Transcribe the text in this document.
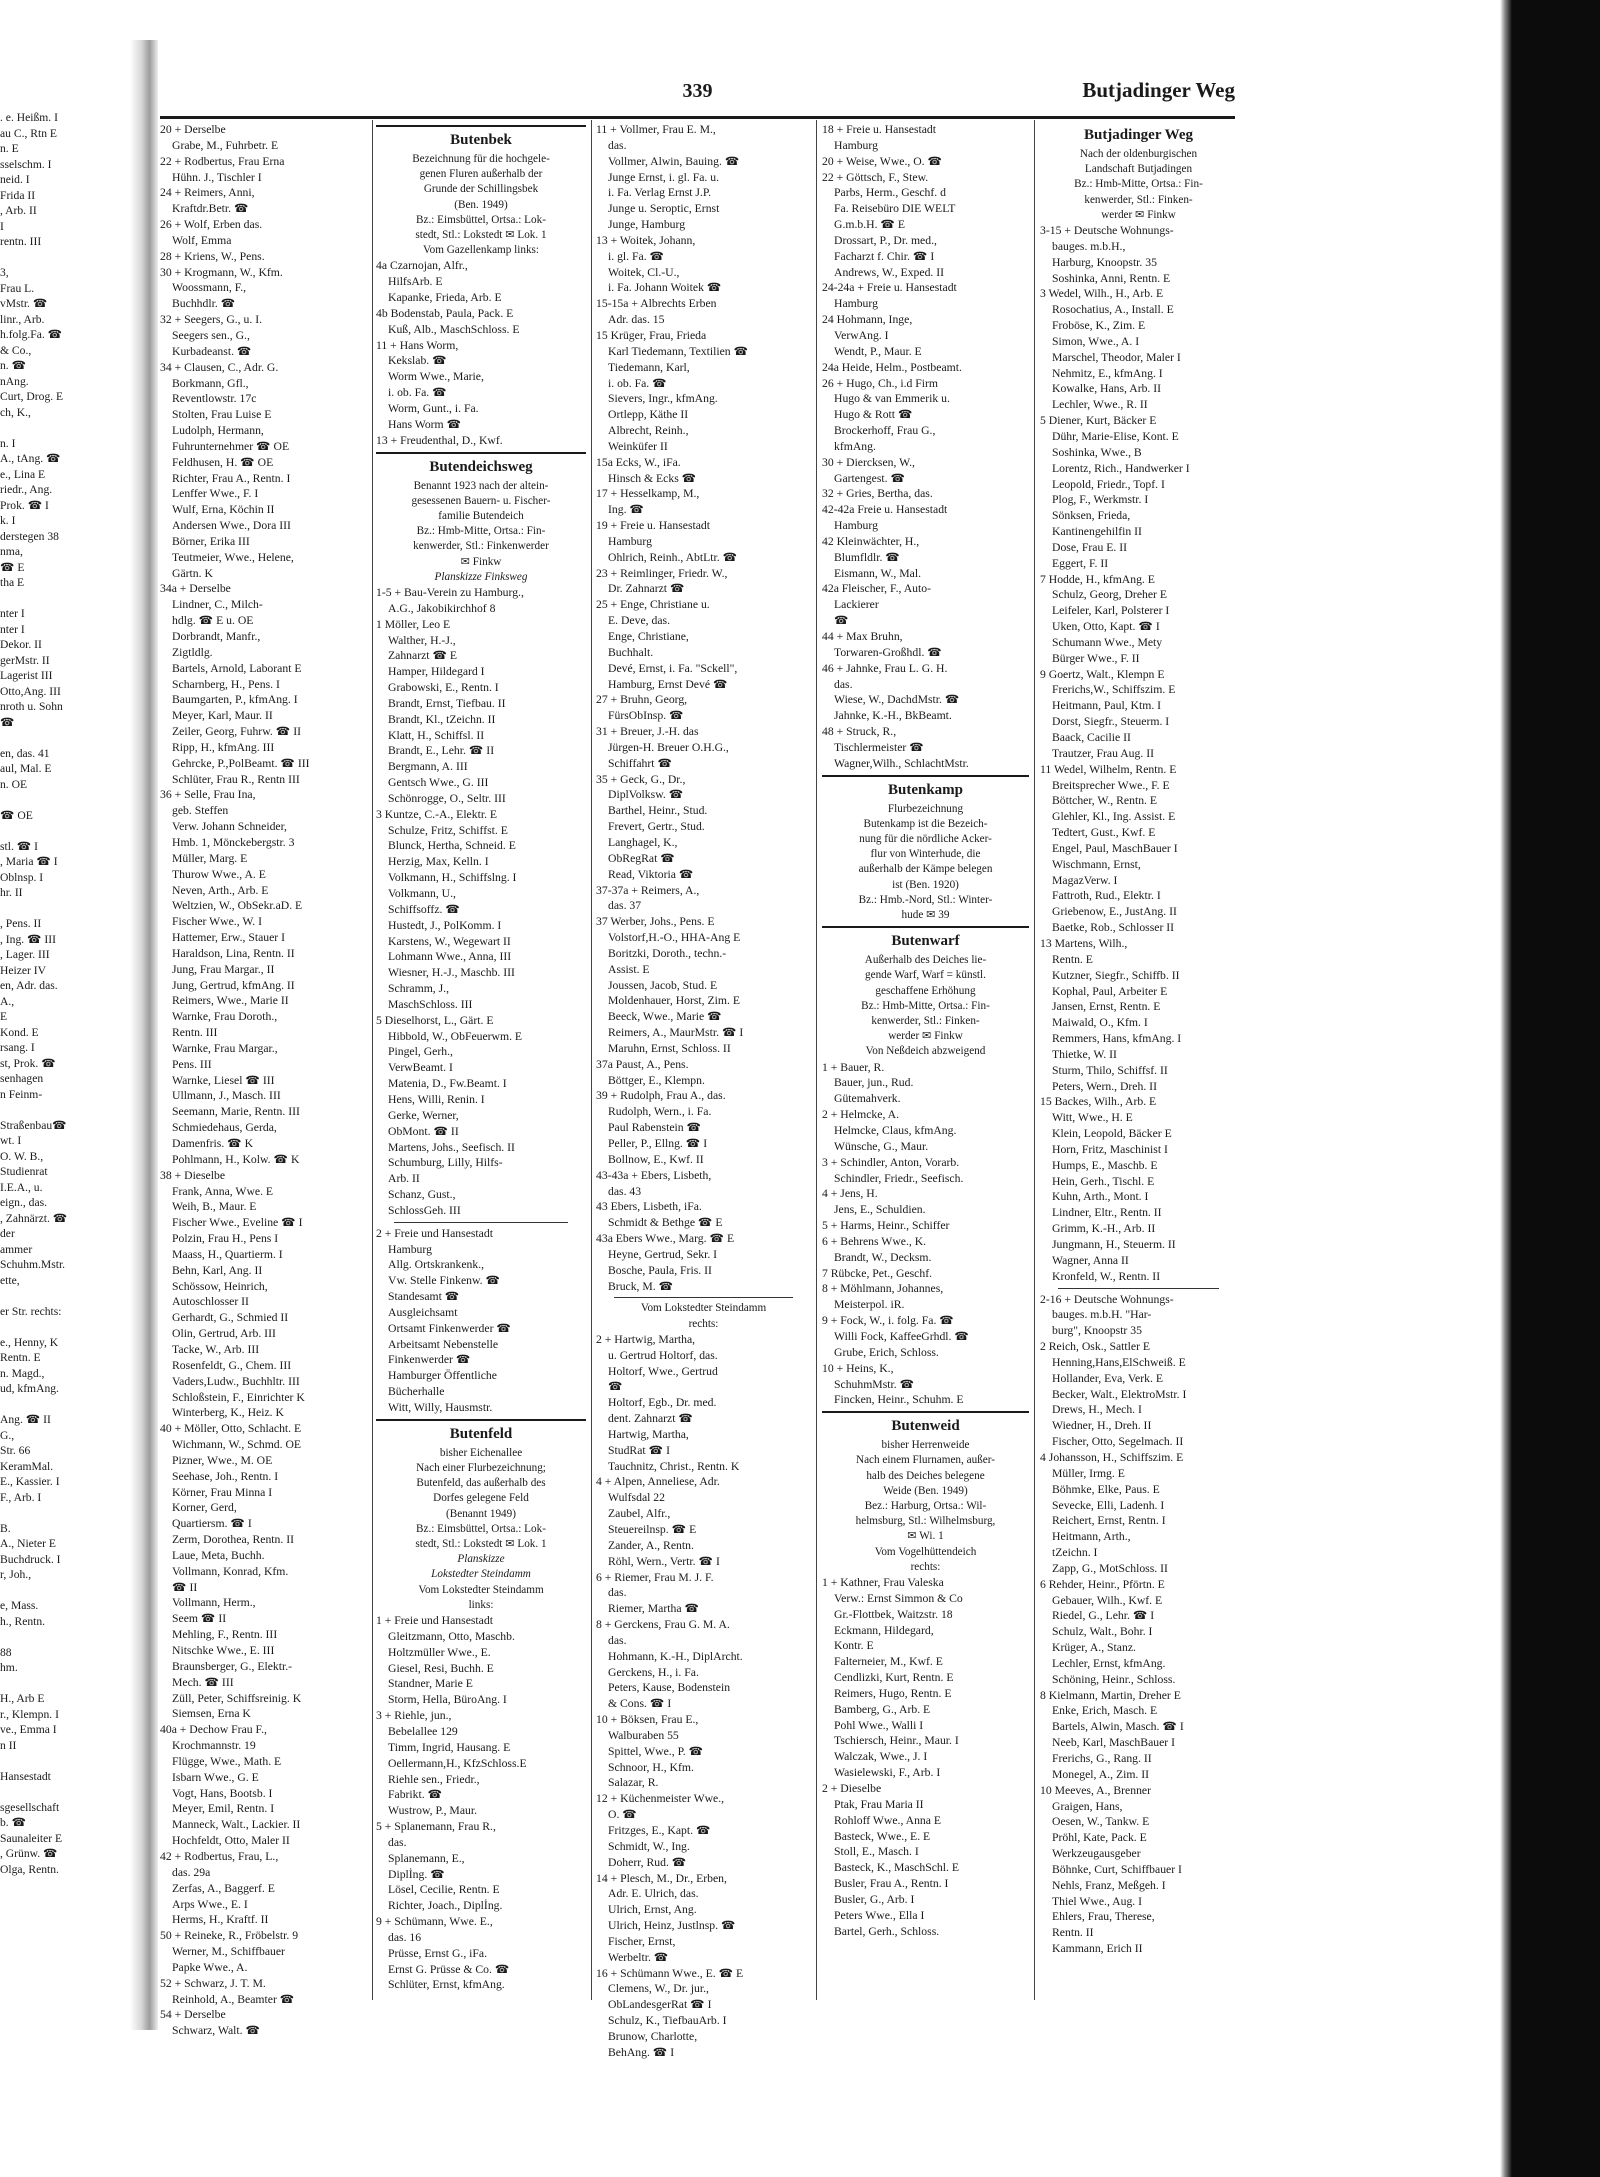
. e. Heißm. I
au C., Rtn E
n. E
sselschm. I
neid. I
Frida II
, Arb. II
I
rentn. III

3,
Frau L.
vMstr. ☎
linr., Arb.
h.folg.Fa. ☎
& Co.,
n. ☎
nAng.
Curt, Drog. E
ch, K.,

n. I
A., tAng. ☎
e., Lina E
riedr., Ang.
Prok. ☎ I
k. I
derstegen 38
nma,
☎ E
tha E

nter I
nter I
Dekor. II
gerMstr. II
Lagerist III
Otto,Ang. III
nroth u. Sohn
☎

en, das. 41
aul, Mal. E
n. OE

☎ OE

stl. ☎ I
, Maria ☎ I
Oblnsp. I
hr. II

, Pens. II
, Ing. ☎ III
, Lager. III
Heizer IV
en, Adr. das.
A.,
E
Kond. E
rsang. I
st, Prok. ☎
senhagen
n Feinm-

Straßenbau☎
wt. I
O. W. B.,
Studienrat
I.E.A., u.
eign., das.
, Zahnärzt. ☎
der
ammer
Schuhm.Mstr.
ette,

er Str. rechts:

e., Henny, K
Rentn. E
n. Magd.,
ud, kfmAng.

Ang. ☎ II
G.,
Str. 66
KeramMal.
E., Kassier. I
F., Arb. I

B.
A., Nieter E
Buchdruck. I
r, Joh.,

e, Mass.
h., Rentn.

88
hm.

H., Arb E
r., Klempn. I
ve., Emma I
n II

Hansestadt

sgesellschaft
b. ☎
Saunaleiter E
, Grünw. ☎
Olga, Rentn.
339	Butjadinger Weg
20 + Derselbe
Grabe, M., Fuhrbetr. E
22 + Rodbertus, Frau Erna
Hühn. J., Tischler I
24 + Reimers, Anni,
Kraftdr.Betr. ☎
26 + Wolf, Erben das.
Wolf, Emma
28 + Kriens, W., Pens.
30 + Krogmann, W., Kfm.
Woossmann, F.,
Buchhdlr. ☎
32 + Seegers, G., u. I.
Seegers sen., G.,
Kurbadeanst. ☎
34 + Clausen, C., Adr. G.
Borkmann, Gfl.,
Reventlowstr. 17c
Stolten, Frau Luise E
Ludolph, Hermann,
Fuhrunternehmer ☎ OE
Feldhusen, H. ☎ OE
Richter, Frau A., Rentn. I
Lenffer Wwe., F. I
Wulf, Erna, Köchin II
Andersen Wwe., Dora III
Börner, Erika III
Teutmeier, Wwe., Helene,
Gärtn. K
34a + Derselbe
Lindner, C., Milch-
hdlg. ☎ E u. OE
Dorbrandt, Manfr.,
Zigtldlg.
Bartels, Arnold, Laborant E
Scharnberg, H., Pens. I
Baumgarten, P., kfmAng. I
Meyer, Karl, Maur. II
Zeiler, Georg, Fuhrw. ☎ II
Ripp, H., kfmAng. III
Gehrcke, P.,PolBeamt. ☎ III
Schlüter, Frau R., Rentn III
36 + Selle, Frau Ina,
geb. Steffen
Verw. Johann Schneider,
Hmb. 1, Mönckebergstr. 3
Müller, Marg. E
Thurow Wwe., A. E
Neven, Arth., Arb. E
Weltzien, W., ObSekr.aD. E
Fischer Wwe., W. I
Hattemer, Erw., Stauer I
Haraldson, Lina, Rentn. II
Jung, Frau Margar., II
Jung, Gertrud, kfmAng. II
Reimers, Wwe., Marie II
Warnke, Frau Doroth.,
Rentn. III
Warnke, Frau Margar.,
Pens. III
Warnke, Liesel ☎ III
Ullmann, J., Masch. III
Seemann, Marie, Rentn. III
Schmiedehaus, Gerda,
Damenfris. ☎ K
Pohlmann, H., Kolw. ☎ K
38 + Dieselbe
Frank, Anna, Wwe. E
Weih, B., Maur. E
Fischer Wwe., Eveline ☎ I
Polzin, Frau H., Pens I
Maass, H., Quartierm. I
Behn, Karl, Ang. II
Schössow, Heinrich,
Autoschlosser II
Gerhardt, G., Schmied II
Olin, Gertrud, Arb. III
Tacke, W., Arb. III
Rosenfeldt, G., Chem. III
Vaders,Ludw., Buchhltr. III
Schloßstein, F., Einrichter K
Winterberg, K., Heiz. K
40 + Möller, Otto, Schlacht. E
Wichmann, W., Schmd. OE
Pizner, Wwe., M. OE
Seehase, Joh., Rentn. I
Körner, Frau Minna I
Korner, Gerd,
Quartiersm. ☎ I
Zerm, Dorothea, Rentn. II
Laue, Meta, Buchh.
Vollmann, Konrad, Kfm.
☎ II
Vollmann, Herm.,
Seem ☎ II
Mehling, F., Rentn. III
Nitschke Wwe., E. III
Braunsberger, G., Elektr.-
Mech. ☎ III
Züll, Peter, Schiffsreinig. K
Siemsen, Erna K
40a + Dechow Frau F.,
Krochmannstr. 19
Flügge, Wwe., Math. E
Isbarn Wwe., G. E
Vogt, Hans, Bootsb. I
Meyer, Emil, Rentn. I
Manneck, Walt., Lackier. II
Hochfeldt, Otto, Maler II
42 + Rodbertus, Frau, L.,
das. 29a
Zerfas, A., Baggerf. E
Arps Wwe., E. I
Herms, H., Kraftf. II
50 + Reineke, R., Fröbelstr. 9
Werner, M., Schiffbauer
Papke Wwe., A.
52 + Schwarz, J. T. M.
Reinhold, A., Beamter ☎
54 + Derselbe
Schwarz, Walt. ☎
Butenbek
Bezeichnung für die hochgele-
genen Fluren außerhalb der
Grunde der Schillingsbek
(Ben. 1949)
Bz.: Eimsbüttel, Ortsa.: Lok-
stedt, Stl.: Lokstedt ✉ Lok. 1
Vom Gazellenkamp links:
4a Czarnojan, Alfr.,
HilfsArb. E
Kapanke, Frieda, Arb. E
4b Bodenstab, Paula, Pack. E
Kuß, Alb., MaschSchloss. E
11 + Hans Worm,
Kekslab. ☎
Worm Wwe., Marie,
i. ob. Fa. ☎
Worm, Gunt., i. Fa.
Hans Worm ☎
13 + Freudenthal, D., Kwf.
Butendeichsweg
Benannt 1923 nach der altein-
gesessenen Bauern- u. Fischer-
familie Butendeich
Bz.: Hmb-Mitte, Ortsa.: Fin-
kenwerder, Stl.: Finkenwerder
✉ Finkw
Planskizze Finksweg
1-5 + Bau-Verein zu Hamburg.,
A.G., Jakobikirchhof 8
1 Möller, Leo E
Walther, H.-J.,
Zahnarzt ☎ E
Hamper, Hildegard I
Grabowski, E., Rentn. I
Brandt, Ernst, Tiefbau. II
Brandt, Kl., tZeichn. II
Klatt, H., Schiffsl. II
Brandt, E., Lehr. ☎ II
Bergmann, A. III
Gentsch Wwe., G. III
Schönrogge, O., Seltr. III
3 Kuntze, C.-A., Elektr. E
Schulze, Fritz, Schiffst. E
Blunck, Hertha, Schneid. E
Herzig, Max, Kelln. I
Volkmann, H., Schiffslng. I
Volkmann, U.,
Schiffsoffz. ☎
Hustedt, J., PolKomm. I
Karstens, W., Wegewart II
Lohmann Wwe., Anna, III
Wiesner, H.-J., Maschb. III
Schramm, J.,
MaschSchloss. III
5 Dieselhorst, L., Gärt. E
Hibbold, W., ObFeuerwm. E
Pingel, Gerh.,
VerwBeamt. I
Matenia, D., Fw.Beamt. I
Hens, Willi, Renin. I
Gerke, Werner,
ObMont. ☎ II
Martens, Johs., Seefisch. II
Schumburg, Lilly, Hilfs-
Arb. II
Schanz, Gust.,
SchlossGeh. III
2 + Freie und Hansestadt
Hamburg
Allg. Ortskrankenk.,
Vw. Stelle Finkenw. ☎
Standesamt ☎
Ausgleichsamt
Ortsamt Finkenwerder ☎
Arbeitsamt Nebenstelle
Finkenwerder ☎
Hamburger Öffentliche
Bücherhalle
Witt, Willy, Hausmstr.
Butenfeld
bisher Eichenallee
Nach einer Flurbezeichnung;
Butenfeld, das außerhalb des
Dorfes gelegene Feld
(Benannt 1949)
Bz.: Eimsbüttel, Ortsa.: Lok-
stedt, Stl.: Lokstedt ✉ Lok. 1
Planskizze
Lokstedter Steindamm
Vom Lokstedter Steindamm
links:
1 + Freie und Hansestadt
Gleitzmann, Otto, Maschb.
Holtzmüller Wwe., E.
Giesel, Resi, Buchh. E
Standner, Marie E
Storm, Hella, BüroAng. I
3 + Riehle, jun.,
Bebelallee 129
Timm, Ingrid, Hausang. E
Oellermann,H., KfzSchloss.E
Riehle sen., Friedr.,
Fabrikt. ☎
Wustrow, P., Maur.
5 + Splanemann, Frau R.,
das.
Splanemann, E.,
Diplİng. ☎
Lösel, Cecilie, Rentn. E
Richter, Joach., Diplİng.
9 + Schümann, Wwe. E.,
das. 16
Prüsse, Ernst G., iFa.
Ernst G. Prüsse & Co. ☎
Schlüter, Ernst, kfmAng.
11 + Vollmer, Frau E. M.,
das.
Vollmer, Alwin, Bauing. ☎
Junge Ernst, i. gl. Fa. u.
i. Fa. Verlag Ernst J.P.
Junge u. Seroptic, Ernst
Junge, Hamburg
13 + Woitek, Johann,
i. gl. Fa. ☎
Woitek, Cl.-U.,
i. Fa. Johann Woitek ☎
15-15a + Albrechts Erben
Adr. das. 15
15 Krüger, Frau, Frieda
Karl Tiedemann, Textilien ☎
Tiedemann, Karl,
i. ob. Fa. ☎
Sievers, Ingr., kfmAng.
Ortlepp, Käthe II
Albrecht, Reinh.,
Weinküfer II
15a Ecks, W., iFa.
Hinsch & Ecks ☎
17 + Hesselkamp, M.,
Ing. ☎
19 + Freie u. Hansestadt
Hamburg
Ohlrich, Reinh., AbtLtr. ☎
23 + Reimlinger, Friedr. W.,
Dr. Zahnarzt ☎
25 + Enge, Christiane u.
E. Deve, das.
Enge, Christiane,
Buchhalt.
Devé, Ernst, i. Fa. "Sckell",
Hamburg, Ernst Devé ☎
27 + Bruhn, Georg,
FürsObInsp. ☎
31 + Breuer, J.-H. das
Jürgen-H. Breuer O.H.G.,
Schiffahrt ☎
35 + Geck, G., Dr.,
DiplVolksw. ☎
Barthel, Heinr., Stud.
Frevert, Gertr., Stud.
Langhagel, K.,
ObRegRat ☎
Read, Viktoria ☎
37-37a + Reimers, A.,
das. 37
37 Werber, Johs., Pens. E
Volstorf,H.-O., HHA-Ang E
Boritzki, Doroth., techn.-
Assist. E
Joussen, Jacob, Stud. E
Moldenhauer, Horst, Zim. E
Beeck, Wwe., Marie ☎
Reimers, A., MaurMstr. ☎ I
Maruhn, Ernst, Schloss. II
37a Paust, A., Pens.
Böttger, E., Klempn.
39 + Rudolph, Frau A., das.
Rudolph, Wern., i. Fa.
Paul Rabenstein ☎
Peller, P., Ellng. ☎ I
Bollnow, E., Kwf. II
43-43a + Ebers, Lisbeth,
das. 43
43 Ebers, Lisbeth, iFa.
Schmidt & Bethge ☎ E
43a Ebers Wwe., Marg. ☎ E
Heyne, Gertrud, Sekr. I
Bosche, Paula, Fris. II
Bruck, M. ☎
Vom Lokstedter Steindamm
rechts:
2 + Hartwig, Martha,
u. Gertrud Holtorf, das.
Holtorf, Wwe., Gertrud
☎
Holtorf, Egb., Dr. med.
dent. Zahnarzt ☎
Hartwig, Martha,
StudRat ☎ I
Tauchnitz, Christ., Rentn. K
4 + Alpen, Anneliese, Adr.
Wulfsdal 22
Zaubel, Alfr.,
Steuereilnsp. ☎ E
Zander, A., Rentn.
Röhl, Wern., Vertr. ☎ I
6 + Riemer, Frau M. J. F.
das.
Riemer, Martha ☎
8 + Gerckens, Frau G. M. A.
das.
Hohmann, K.-H., DiplArcht.
Gerckens, H., i. Fa.
Peters, Kause, Bodenstein
& Cons. ☎ I
10 + Böksen, Frau E.,
Walburaben 55
Spittel, Wwe., P. ☎
Schnoor, H., Kfm.
Salazar, R.
12 + Küchenmeister Wwe.,
O. ☎
Fritzges, E., Kapt. ☎
Schmidt, W., Ing.
Doherr, Rud. ☎
14 + Plesch, M., Dr., Erben,
Adr. E. Ulrich, das.
Ulrich, Ernst, Ang.
Ulrich, Heinz, Justlnsp. ☎
Fischer, Ernst,
Werbeltr. ☎
16 + Schümann Wwe., E. ☎ E
Clemens, W., Dr. jur.,
ObLandesgerRat ☎ I
Schulz, K., TiefbauArb. I
Brunow, Charlotte,
BehAng. ☎ I
18 + Freie u. Hansestadt
Hamburg
20 + Weise, Wwe., O. ☎
22 + Göttsch, F., Stew.
Parbs, Herm., Geschf. d
Fa. Reisebüro DIE WELT
G.m.b.H. ☎ E
Drossart, P., Dr. med.,
Facharzt f. Chir. ☎ I
Andrews, W., Exped. II
24-24a + Freie u. Hansestadt
Hamburg
24 Hohmann, Inge,
VerwAng. I
Wendt, P., Maur. E
24a Heide, Helm., Postbeamt.
26 + Hugo, Ch., i.d Firm
Hugo & van Emmerik u.
Hugo & Rott ☎
Brockerhoff, Frau G.,
kfmAng.
30 + Diercksen, W.,
Gartengest. ☎
32 + Gries, Bertha, das.
42-42a Freie u. Hansestadt
Hamburg
42 Kleinwächter, H.,
Blumfldlr. ☎
Eismann, W., Mal.
42a Fleischer, F., Auto-
Lackierer
☎
44 + Max Bruhn,
Torwaren-Großhdl. ☎
46 + Jahnke, Frau L. G. H.
das.
Wiese, W., DachdMstr. ☎
Jahnke, K.-H., BkBeamt.
48 + Struck, R.,
Tischlermeister ☎
Wagner,Wilh., SchlachtMstr.
Butenkamp
Flurbezeichnung
Butenkamp ist die Bezeich-
nung für die nördliche Acker-
flur von Winterhude, die
außerhalb der Kämpe belegen
ist (Ben. 1920)
Bz.: Hmb.-Nord, Stl.: Winter-
hude ✉ 39
Butenwarf
Außerhalb des Deiches lie-
gende Warf, Warf = künstl.
geschaffene Erhöhung
Bz.: Hmb-Mitte, Ortsa.: Fin-
kenwerder, Stl.: Finken-
werder ✉ Finkw
Von Neßdeich abzweigend
1 + Bauer, R.
Bauer, jun., Rud.
Gütemahverk.
2 + Helmcke, A.
Helmcke, Claus, kfmAng.
Wünsche, G., Maur.
3 + Schindler, Anton, Vorarb.
Schindler, Friedr., Seefisch.
4 + Jens, H.
Jens, E., Schuldien.
5 + Harms, Heinr., Schiffer
6 + Behrens Wwe., K.
Brandt, W., Decksm.
7 Rübcke, Pet., Geschf.
8 + Möhlmann, Johannes,
Meisterpol. iR.
9 + Fock, W., i. folg. Fa. ☎
Willi Fock, KaffeeGrhdl. ☎
Grube, Erich, Schloss.
10 + Heins, K.,
SchuhmMstr. ☎
Fincken, Heinr., Schuhm. E
Butenweid
bisher Herrenweide
Nach einem Flurnamen, außer-
halb des Deiches belegene
Weide (Ben. 1949)
Bez.: Harburg, Ortsa.: Wil-
helmsburg, Stl.: Wilhelmsburg,
✉ Wi. 1
Vom Vogelhüttendeich
rechts:
1 + Kathner, Frau Valeska
Verw.: Ernst Simmon & Co
Gr.-Flottbek, Waitzstr. 18
Eckmann, Hildegard,
Kontr. E
Falterneier, M., Kwf. E
Cendlizki, Kurt, Rentn. E
Reimers, Hugo, Rentn. E
Bamberg, G., Arb. E
Pohl Wwe., Walli I
Tschiersch, Heinr., Maur. I
Walczak, Wwe., J. I
Wasielewski, F., Arb. I
2 + Dieselbe
Ptak, Frau Maria II
Rohloff Wwe., Anna E
Basteck, Wwe., E. E
Stoll, E., Masch. I
Basteck, K., MaschSchl. E
Busler, Frau A., Rentn. I
Busler, G., Arb. I
Peters Wwe., Ella I
Bartel, Gerh., Schloss.
Butjadinger Weg
Nach der oldenburgischen
Landschaft Butjadingen
Bz.: Hmb-Mitte, Ortsa.: Fin-
kenwerder, Stl.: Finken-
werder ✉ Finkw
3-15 + Deutsche Wohnungs-
bauges. m.b.H.,
Harburg, Knoopstr. 35
Soshinka, Anni, Rentn. E
3 Wedel, Wilh., H., Arb. E
Rosochatius, A., Install. E
Froböse, K., Zim. E
Simon, Wwe., A. I
Marschel, Theodor, Maler I
Nehmitz, E., kfmAng. I
Kowalke, Hans, Arb. II
Lechler, Wwe., R. II
5 Diener, Kurt, Bäcker E
Dühr, Marie-Elise, Kont. E
Soshinka, Wwe., B
Lorentz, Rich., Handwerker I
Leopold, Friedr., Topf. I
Plog, F., Werkmstr. I
Sönksen, Frieda,
Kantinengehilfin II
Dose, Frau E. II
Eggert, F. II
7 Hodde, H., kfmAng. E
Schulz, Georg, Dreher E
Leifeler, Karl, Polsterer I
Uken, Otto, Kapt. ☎ I
Schumann Wwe., Mety
Bürger Wwe., F. II
9 Goertz, Walt., Klempn E
Frerichs,W., Schiffszim. E
Heitmann, Paul, Ktm. I
Dorst, Siegfr., Steuerm. I
Baack, Cacilie II
Trautzer, Frau Aug. II
11 Wedel, Wilhelm, Rentn. E
Breitsprecher Wwe., F. E
Böttcher, W., Rentn. E
Glehler, Kl., Ing. Assist. E
Tedtert, Gust., Kwf. E
Engel, Paul, MaschBauer I
Wischmann, Ernst,
MagazVerw. I
Fattroth, Rud., Elektr. I
Griebenow, E., JustAng. II
Baetke, Rob., Schlosser II
13 Martens, Wilh.,
Rentn. E
Kutzner, Siegfr., Schiffb. II
Kophal, Paul, Arbeiter E
Jansen, Ernst, Rentn. E
Maiwald, O., Kfm. I
Remmers, Hans, kfmAng. I
Thietke, W. II
Sturm, Thilo, Schiffsf. II
Peters, Wern., Dreh. II
15 Backes, Wilh., Arb. E
Witt, Wwe., H. E
Klein, Leopold, Bäcker E
Horn, Fritz, Maschinist I
Humps, E., Maschb. E
Hein, Gerh., Tischl. E
Kuhn, Arth., Mont. I
Lindner, Eltr., Rentn. II
Grimm, K.-H., Arb. II
Jungmann, H., Steuerm. II
Wagner, Anna II
Kronfeld, W., Rentn. II
2-16 + Deutsche Wohnungs-
bauges. m.b.H. "Har-
burg", Knoopstr 35
2 Reich, Osk., Sattler E
Henning,Hans,ElSchweiß. E
Hollander, Eva, Verk. E
Becker, Walt., ElektroMstr. I
Drews, H., Mech. I
Wiedner, H., Dreh. II
Fischer, Otto, Segelmach. II
4 Johansson, H., Schiffszim. E
Müller, Irmg. E
Böhmke, Elke, Paus. E
Sevecke, Elli, Ladenh. I
Reichert, Ernst, Rentn. I
Heitmann, Arth.,
tZeichn. I
Zapp, G., MotSchloss. II
6 Rehder, Heinr., Pförtn. E
Gebauer, Wilh., Kwf. E
Riedel, G., Lehr. ☎ I
Schulz, Walt., Bohr. I
Krüger, A., Stanz.
Lechler, Ernst, kfmAng.
Schöning, Heinr., Schloss.
8 Kielmann, Martin, Dreher E
Enke, Erich, Masch. E
Bartels, Alwin, Masch. ☎ I
Neeb, Karl, MaschBauer I
Frerichs, G., Rang. II
Monegel, A., Zim. II
10 Meeves, A., Brenner
Graigen, Hans,
Oesen, W., Tankw. E
Pröhl, Kate, Pack. E
Werkzeugausgeber
Böhnke, Curt, Schiffbauer I
Nehls, Franz, Meßgeh. I
Thiel Wwe., Aug. I
Ehlers, Frau, Therese,
Rentn. II
Kammann, Erich II
